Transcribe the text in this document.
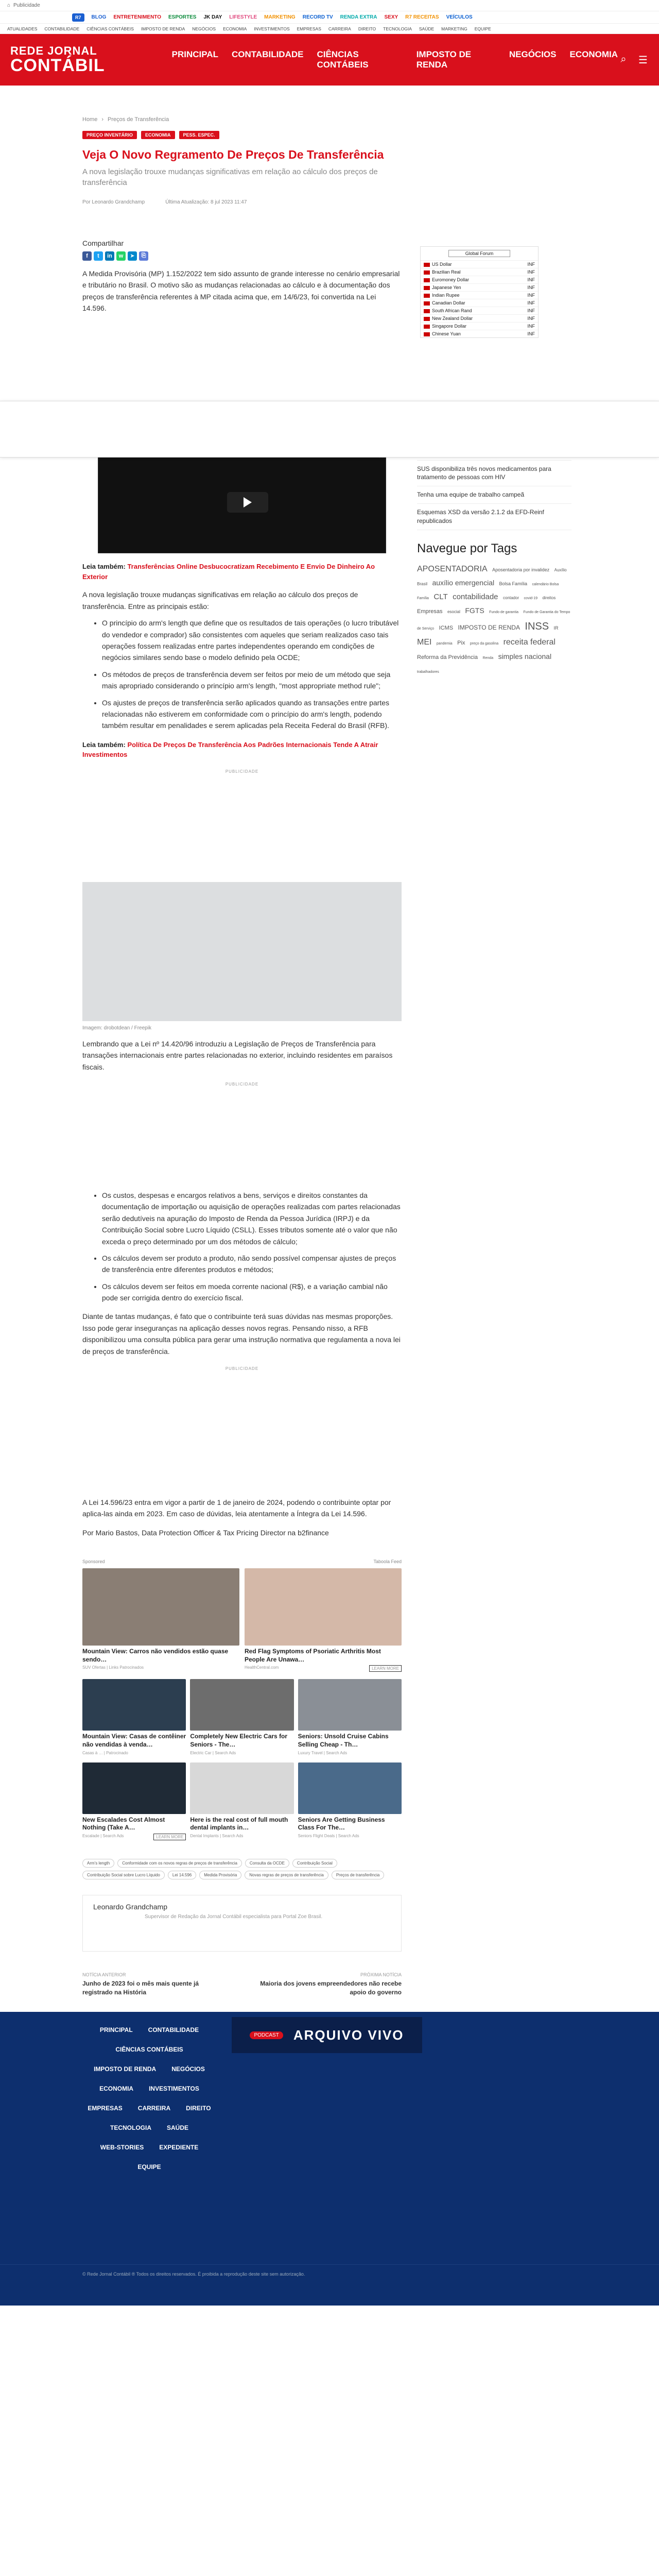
⌂ Publicidade
R7	BLOG ENTRETENIMENTO ESPORTES JK DAY LIFESTYLE MARKETING RECORD TV RENDA EXTRA SEXY R7 RECEITAS VEÍCULOS
ATUALIDADES CONTABILIDADE CIÊNCIAS CONTÁBEIS IMPOSTO DE RENDA NEGÓCIOS ECONOMIA INVESTIMENTOS EMPRESAS CARREIRA DIREITO TECNOLOGIA SAÚDE MARKETING EQUIPE
REDE JORNAL
CONTÁBIL
PRINCIPAL CONTABILIDADE CIÊNCIAS CONTÁBEIS
IMPOSTO DE RENDA
NEGÓCIOS ECONOMIA ⌕ ☰
Home › Preços de Transferência
PREÇO INVENTÁRIO	ECONOMIA	PESS. ESPEC.
Veja O Novo Regramento De Preços De Transferência
A nova legislação trouxe mudanças significativas em relação ao cálculo dos preços de transferência
Por Leonardo Grandchamp	Última Atualização: 8 jul 2023 11:47
Compartilhar
f	t	in	w	➤	⎘

A Medida Provisória (MP) 1.152/2022 tem sido assunto de grande interesse no cenário empresarial e tributário no Brasil. O motivo são as mudanças relacionadas ao cálculo e à documentação dos preços de transferência referentes à MP citada acima que, em 14/6/23, foi convertida na Lei 14.596.

Leia também: Transferências Online Desbucocratizam Recebimento E Envio De Dinheiro Ao Exterior

A nova legislação trouxe mudanças significativas em relação ao cálculo dos preços de transferência. Entre as principais estão:

• O princípio do arm's length que define que os resultados de tais operações (o lucro tributável do vendedor e comprador) são consistentes com aqueles que seriam realizados caso tais operações fossem realizadas entre partes independentes operando em condições de negócios similares sendo base o modelo definido pela OCDE;
• Os métodos de preços de transferência devem ser feitos por meio de um método que seja mais apropriado considerando o princípio arm's length, "most appropriate method rule";
• Os ajustes de preços de transferência serão aplicados quando as transações entre partes relacionadas não estiverem em conformidade com o princípio do arm's length, podendo também resultar em penalidades e serem aplicadas pela Receita Federal do Brasil (RFB).
Leia também: Política De Preços De Transferência Aos Padrões Internacionais Tende A Atrair Investimentos
PUBLICIDADE
Imagem: drobotdean / Freepik

Lembrando que a Lei nº 14.420/96 introduziu a Legislação de Preços de Transferência para transações internacionais entre partes relacionadas no exterior, incluindo residentes em paraísos fiscais.

PUBLICIDADE
• Os custos, despesas e encargos relativos a bens, serviços e direitos constantes da documentação de importação ou aquisição de operações realizadas com partes relacionadas serão dedutíveis na apuração do Imposto de Renda da Pessoa Jurídica (IRPJ) e da Contribuição Social sobre Lucro Líquido (CSLL). Esses tributos somente até o valor que não exceda o preço determinado por um dos métodos de cálculo;
• Os cálculos devem ser produto a produto, não sendo possível compensar ajustes de preços de transferência entre diferentes produtos e métodos;
• Os cálculos devem ser feitos em moeda corrente nacional (R$), e a variação cambial não pode ser corrigida dentro do exercício fiscal.

Diante de tantas mudanças, é fato que o contribuinte terá suas dúvidas nas mesmas proporções. Isso pode gerar inseguranças na aplicação desses novos regras. Pensando nisso, a RFB disponibilizou uma consulta pública para gerar uma instrução normativa que regulamenta a nova lei de preços de transferência.

PUBLICIDADE

A Lei 14.596/23 entra em vigor a partir de 1 de janeiro de 2024, podendo o contribuinte optar por aplica-las ainda em 2023. Em caso de dúvidas, leia atentamente a Íntegra da Lei 14.596.

Por Mario Bastos, Data Protection Officer & Tax Pricing Director na b2finance

Sponsored	Taboola Feed
Mountain View: Carros não vendidos estão quase sendo…
SUV Ofertas | Links Patrocinados
Red Flag Symptoms of Psoriatic Arthritis Most People Are Unawa…
HealthCentral.com	LEARN MORE
Mountain View: Casas de contêiner não vendidas à venda…
Casas à … | Patrocinado
Completely New Electric Cars for Seniors - The…
Electric Car | Search Ads
Seniors: Unsold Cruise Cabins Selling Cheap - Th…
Luxury Travel | Search Ads
New Escalades Cost Almost Nothing (Take A…
Escalade | Search Ads	LEARN MORE
Here is the real cost of full mouth dental implants in…
Dental Implants | Search Ads
Seniors Are Getting Business Class For The…
Seniors Flight Deals | Search Ads
Arm's length	Conformidade com os novos regras de preços de transferência	Consulta da OCDE	Contribuição Social
Contribuição Social sobre Lucro Líquido	Lei 14.596	Medida Provisória	Novas regras de preços de transferência	Preços de transferência
Leonardo Grandchamp
Supervisor de Redação da Jornal Contábil especialista para Portal Zoe Brasil.
NOTÍCIA ANTERIOR
Junho de 2023 foi o mês mais quente já registrado na História
PRÓXIMA NOTÍCIA
Maioria dos jovens empreendedores não recebe apoio do governo
SUS disponibiliza três novos medicamentos para tratamento de pessoas com HIV
Tenha uma equipe de trabalho campeã
Esquemas XSD da versão 2.1.2 da EFD-Reinf republicados
Navegue por Tags
APOSENTADORIA Aposentadoria por invalidez Auxílio Brasil auxílio emergencial Bolsa Família calendário Bolsa Família CLT contabilidade contador covid-19 direitos Empresas esocial FGTS Fundo de garantia Fundo de Garantia do Tempo de Serviço ICMS IMPOSTO DE RENDA INSS IR MEI pandemia Pix preço da gasolina receita federal Reforma da Previdência Renda simples nacional trabalhadores
Global Forum
US Dollar	INF
Brazilian Real	INF
Euromoney Dollar	INF
Japanese Yen	INF
Indian Rupee	INF
Canadian Dollar	INF
South African Rand	INF
New Zealand Dollar	INF
Singapore Dollar	INF
Chinese Yuan	INF
PRINCIPAL	CONTABILIDADE
CIÊNCIAS CONTÁBEIS
IMPOSTO DE RENDA	NEGÓCIOS
ECONOMIA	INVESTIMENTOS
EMPRESAS	CARREIRA	DIREITO
TECNOLOGIA	SAÚDE
WEB-STORIES	EXPEDIENTE
EQUIPE
PODCAST	ARQUIVO VIVO
© Rede Jornal Contábil ® Todos os direitos reservados. É proibida a reprodução deste site sem autorização.
